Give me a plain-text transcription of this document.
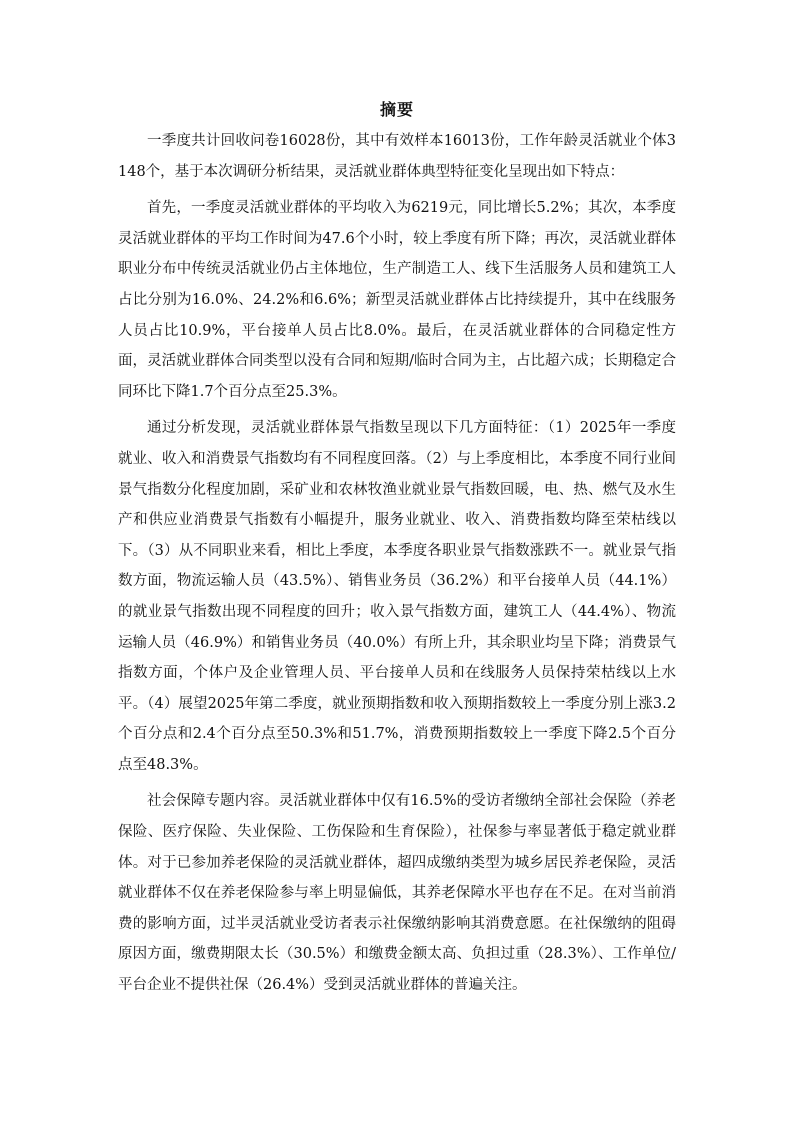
摘要

一季度共计回收问卷16028份，其中有效样本16013份，工作年龄灵活就业个体3148个，基于本次调研分析结果，灵活就业群体典型特征变化呈现出如下特点：

首先，一季度灵活就业群体的平均收入为6219元，同比增长5.2%；其次，本季度灵活就业群体的平均工作时间为47.6个小时，较上季度有所下降；再次，灵活就业群体职业分布中传统灵活就业仍占主体地位，生产制造工人、线下生活服务人员和建筑工人占比分别为16.0%、24.2%和6.6%；新型灵活就业群体占比持续提升，其中在线服务人员占比10.9%，平台接单人员占比8.0%。最后，在灵活就业群体的合同稳定性方面，灵活就业群体合同类型以没有合同和短期/临时合同为主，占比超六成；长期稳定合同环比下降1.7个百分点至25.3%。

通过分析发现，灵活就业群体景气指数呈现以下几方面特征：（1）2025年一季度就业、收入和消费景气指数均有不同程度回落。（2）与上季度相比，本季度不同行业间景气指数分化程度加剧，采矿业和农林牧渔业就业景气指数回暖，电、热、燃气及水生产和供应业消费景气指数有小幅提升，服务业就业、收入、消费指数均降至荣枯线以下。（3）从不同职业来看，相比上季度，本季度各职业景气指数涨跌不一。就业景气指数方面，物流运输人员（43.5%）、销售业务员（36.2%）和平台接单人员（44.1%）的就业景气指数出现不同程度的回升；收入景气指数方面，建筑工人（44.4%）、物流运输人员（46.9%）和销售业务员（40.0%）有所上升，其余职业均呈下降；消费景气指数方面，个体户及企业管理人员、平台接单人员和在线服务人员保持荣枯线以上水平。（4）展望2025年第二季度，就业预期指数和收入预期指数较上一季度分别上涨3.2个百分点和2.4个百分点至50.3%和51.7%，消费预期指数较上一季度下降2.5个百分点至48.3%。

社会保障专题内容。灵活就业群体中仅有16.5%的受访者缴纳全部社会保险（养老保险、医疗保险、失业保险、工伤保险和生育保险），社保参与率显著低于稳定就业群体。对于已参加养老保险的灵活就业群体，超四成缴纳类型为城乡居民养老保险，灵活就业群体不仅在养老保险参与率上明显偏低，其养老保障水平也存在不足。在对当前消费的影响方面，过半灵活就业受访者表示社保缴纳影响其消费意愿。在社保缴纳的阻碍原因方面，缴费期限太长（30.5%）和缴费金额太高、负担过重（28.3%）、工作单位/平台企业不提供社保（26.4%）受到灵活就业群体的普遍关注。
